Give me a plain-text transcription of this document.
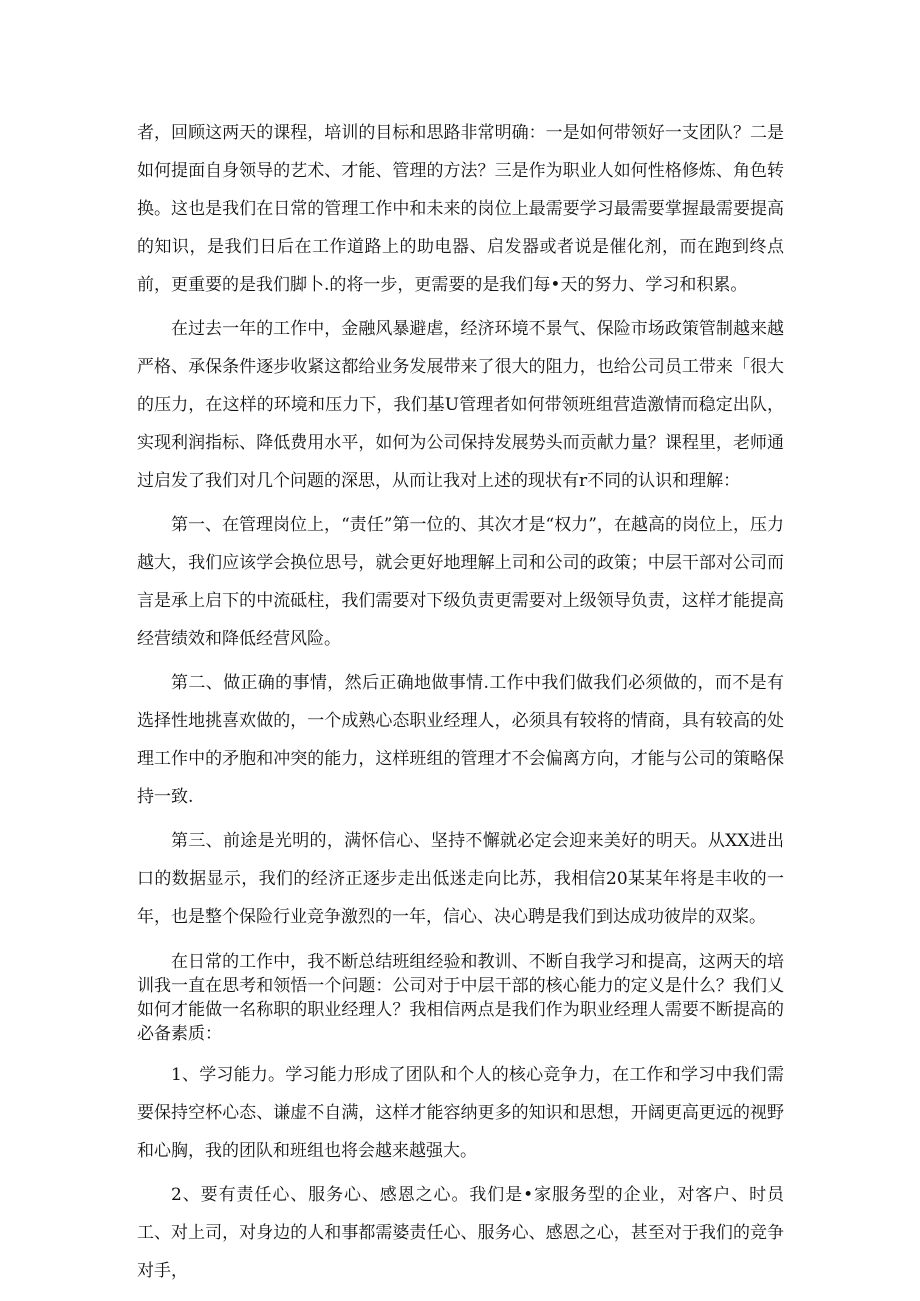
者，回顾这两天的课程，培训的目标和思路非常明确：一是如何带领好一支团队？二是如何提面自身领导的艺术、才能、管理的方法？三是作为职业人如何性格修炼、角色转换。这也是我们在日常的管理工作中和未来的岗位上最需要学习最需要掌握最需要提高的知识，是我们日后在工作道路上的助电器、启发器或者说是催化剂，而在跑到终点前，更重要的是我们脚卜.的将一步，更需要的是我们每•天的努力、学习和积累。

在过去一年的工作中，金融风暴避虐，经济环境不景气、保险市场政策管制越来越严格、承保条件逐步收紧这都给业务发展带来了很大的阻力，也给公司员工带来「很大的压力，在这样的环境和压力下，我们基U管理者如何带领班组营造激情而稳定出队，实现利润指标、降低费用水平，如何为公司保持发展势头而贡献力量？课程里，老师通过启发了我们对几个问题的深思，从而让我对上述的现状有r不同的认识和理解：

第一、在管理岗位上，“责任”第一位的、其次才是“权力”，在越高的岗位上，压力越大，我们应该学会换位思号，就会更好地理解上司和公司的政策；中层干部对公司而言是承上启下的中流砥柱，我们需要对下级负责更需要对上级领导负责，这样才能提高经营绩效和降低经营风险。

第二、做正确的事情，然后正确地做事情.工作中我们做我们必须做的，而不是有选择性地挑喜欢做的，一个成熟心态职业经理人，必须具有较将的情商，具有较高的处理工作中的矛胞和冲突的能力，这样班组的管理才不会偏离方向，才能与公司的策略保持一致.

第三、前途是光明的，满怀信心、坚持不懈就必定会迎来美好的明天。从XX进出口的数据显示，我们的经济正逐步走出低迷走向比苏，我相信20某某年将是丰收的一年，也是整个保险行业竞争激烈的一年，信心、决心聘是我们到达成功彼岸的双桨。

在日常的工作中，我不断总结班组经验和教训、不断自我学习和提高，这两天的培训我一直在思考和领悟一个问题：公司对于中层干部的核心能力的定义是什么？我们乂如何才能做一名称职的职业经理人？我相信两点是我们作为职业经理人需要不断提高的必备素质：

1、学习能力。学习能力形成了团队和个人的核心竞争力，在工作和学习中我们需要保持空杯心态、谦虚不自满，这样才能容纳更多的知识和思想，开阔更高更远的视野和心胸，我的团队和班组也将会越来越强大。

2、要有责任心、服务心、感恩之心。我们是•家服务型的企业，对客户、时员工、对上司，对身边的人和事都需婆责任心、服务心、感恩之心，甚至对于我们的竞争对手，
